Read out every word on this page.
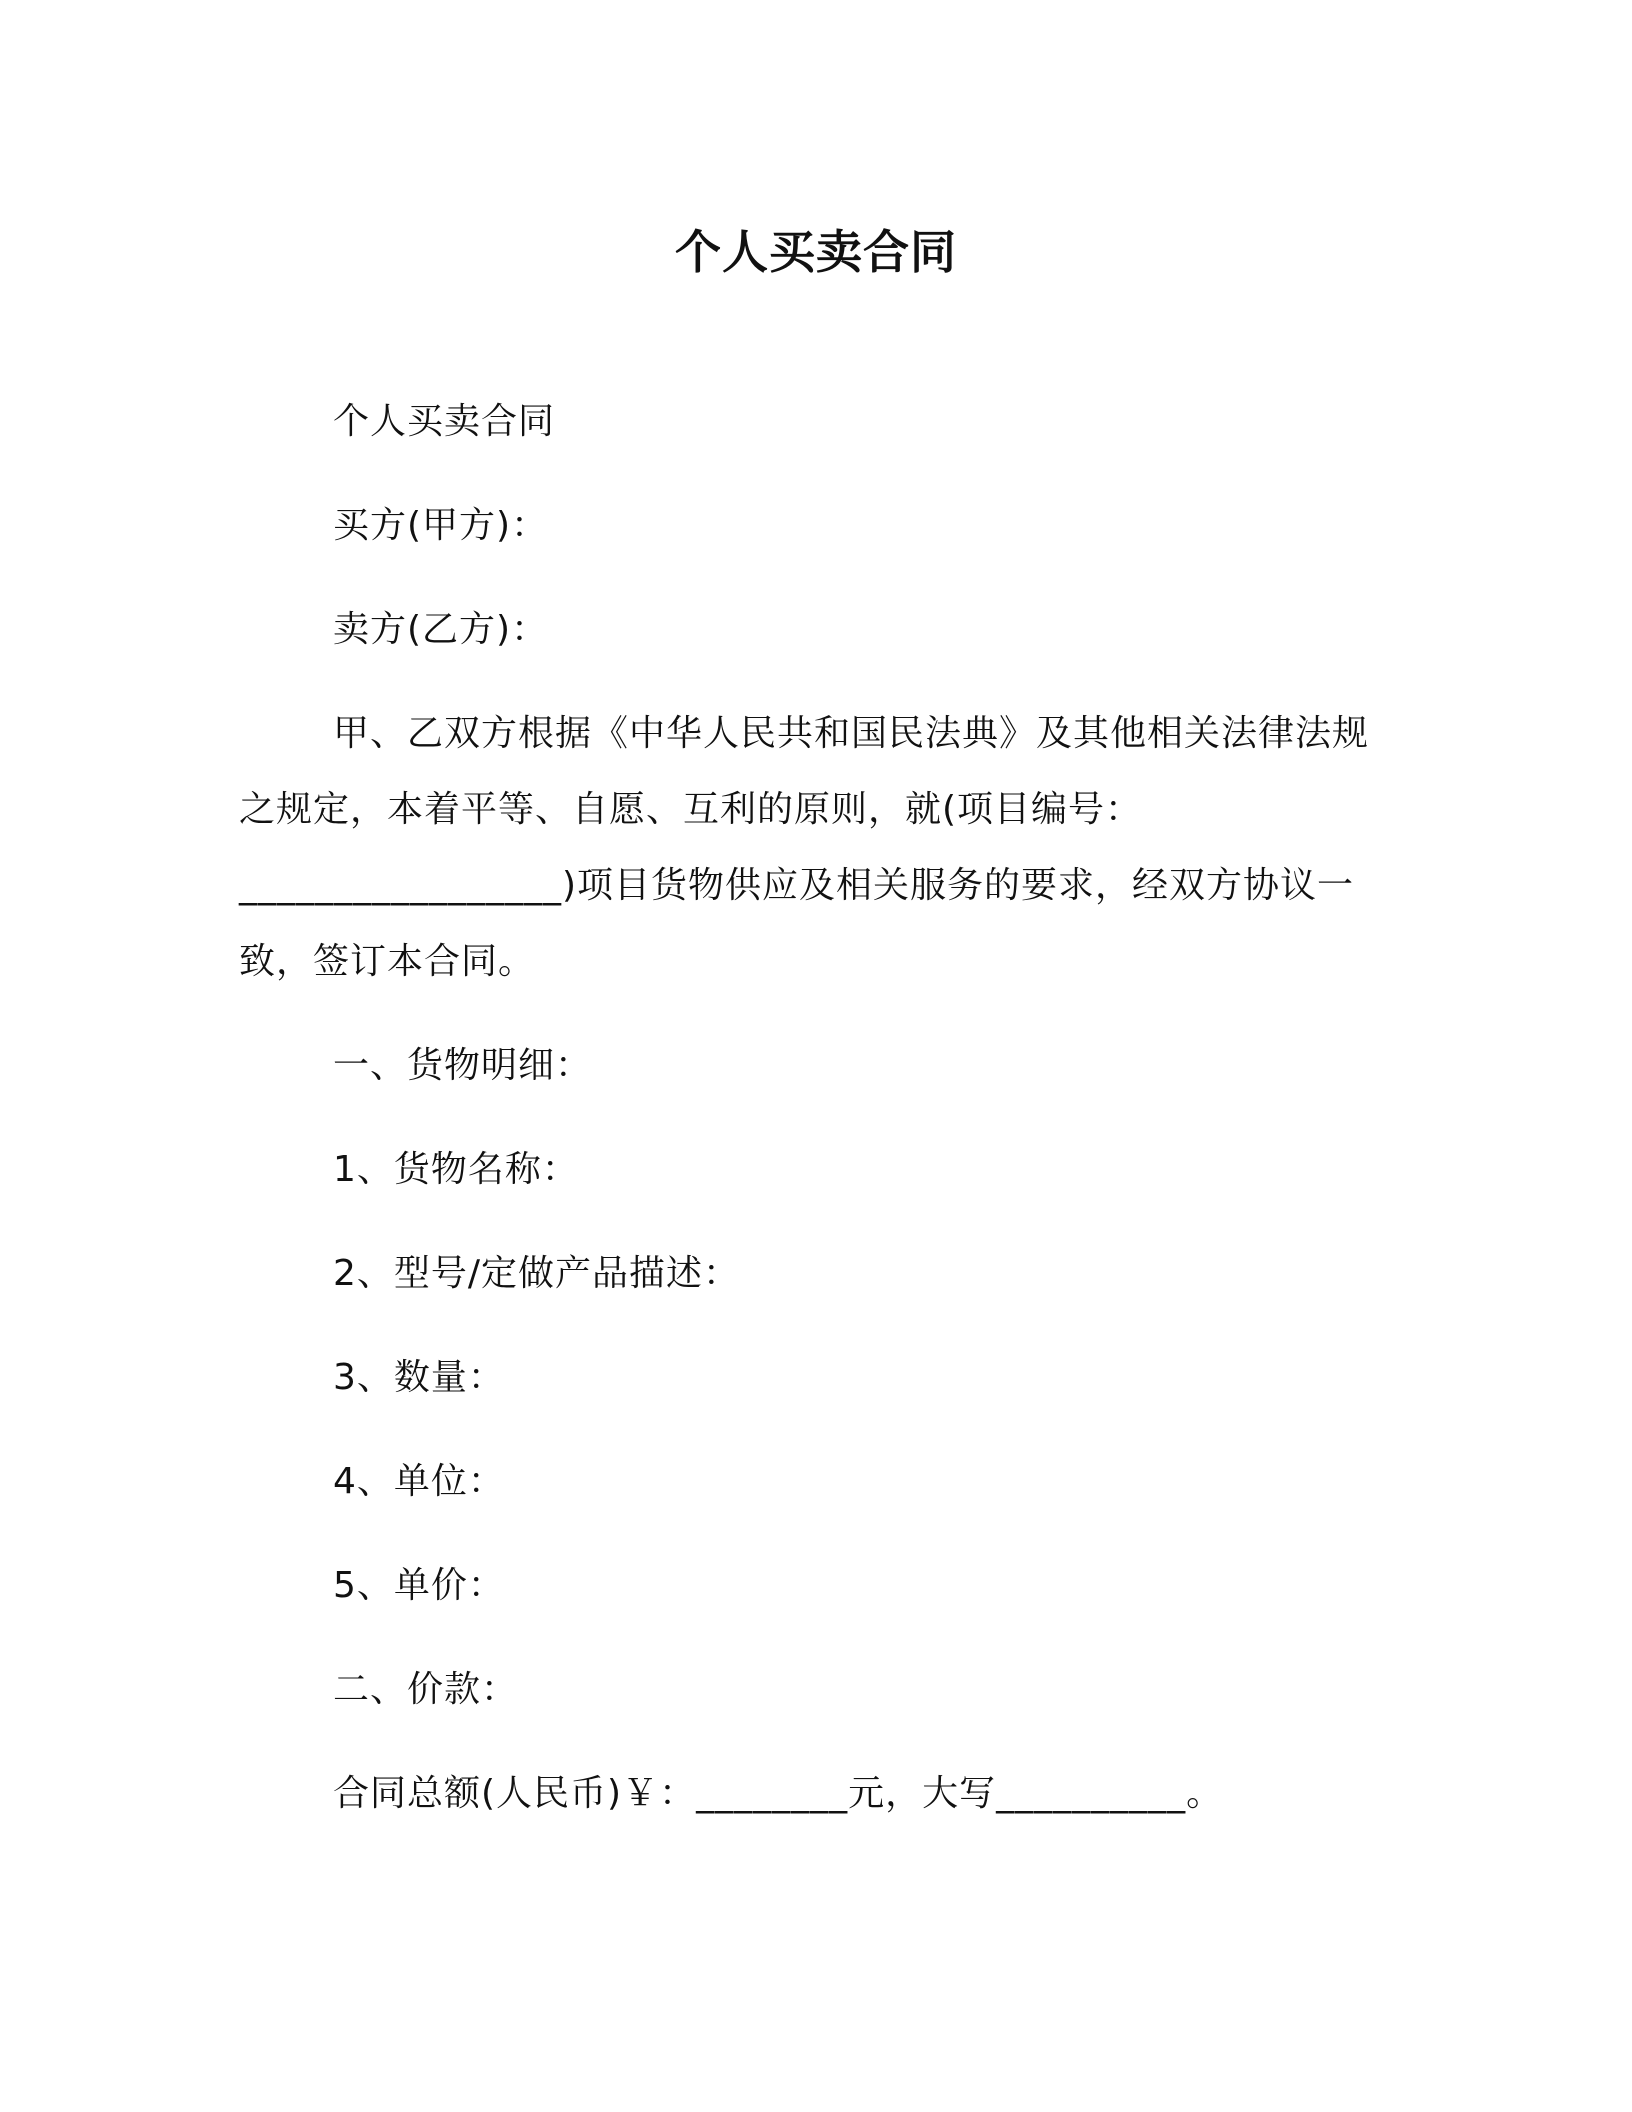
个人买卖合同
个人买卖合同
买方(甲方)：
卖方(乙方)：
甲、乙双方根据《中华人民共和国民法典》及其他相关法律法规
之规定，本着平等、自愿、互利的原则，就(项目编号：
_________________)项目货物供应及相关服务的要求，经双方协议一
致，签订本合同。
一、货物明细：
1、货物名称：
2、型号/定做产品描述：
3、数量：
4、单位：
5、单价：
二、价款：
合同总额(人民币)￥：________元，大写__________。
